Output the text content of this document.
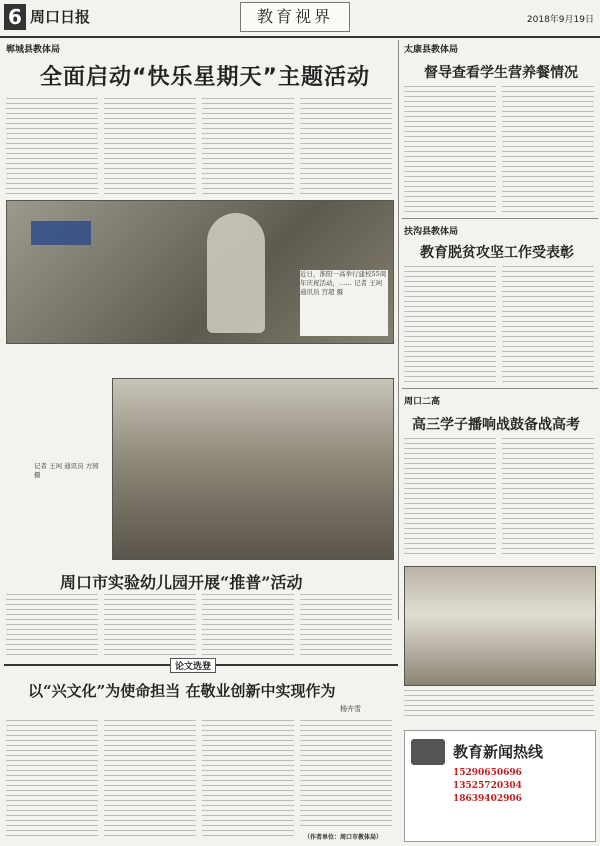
6 周口日报	教育视界	2018年9月19日
郸城县教体局
全面启动“快乐星期天”主题活动
近日，淮阳一高举行建校55周年庆祝活动，…… 记者 王珂 通讯员 宫超 摄
记者 王珂 通讯员 方园 摄
太康县教体局
督导查看学生营养餐情况
扶沟县教体局
教育脱贫攻坚工作受表彰
周口二高
高三学子播响战鼓备战高考
周口市实验幼儿园开展“推普”活动
论文选登
以“兴文化”为使命担当 在敬业创新中实现作为
杨卉雪
（作者单位：周口市教体局）
教育新闻热线
15290650696 13525720304 18639402906
